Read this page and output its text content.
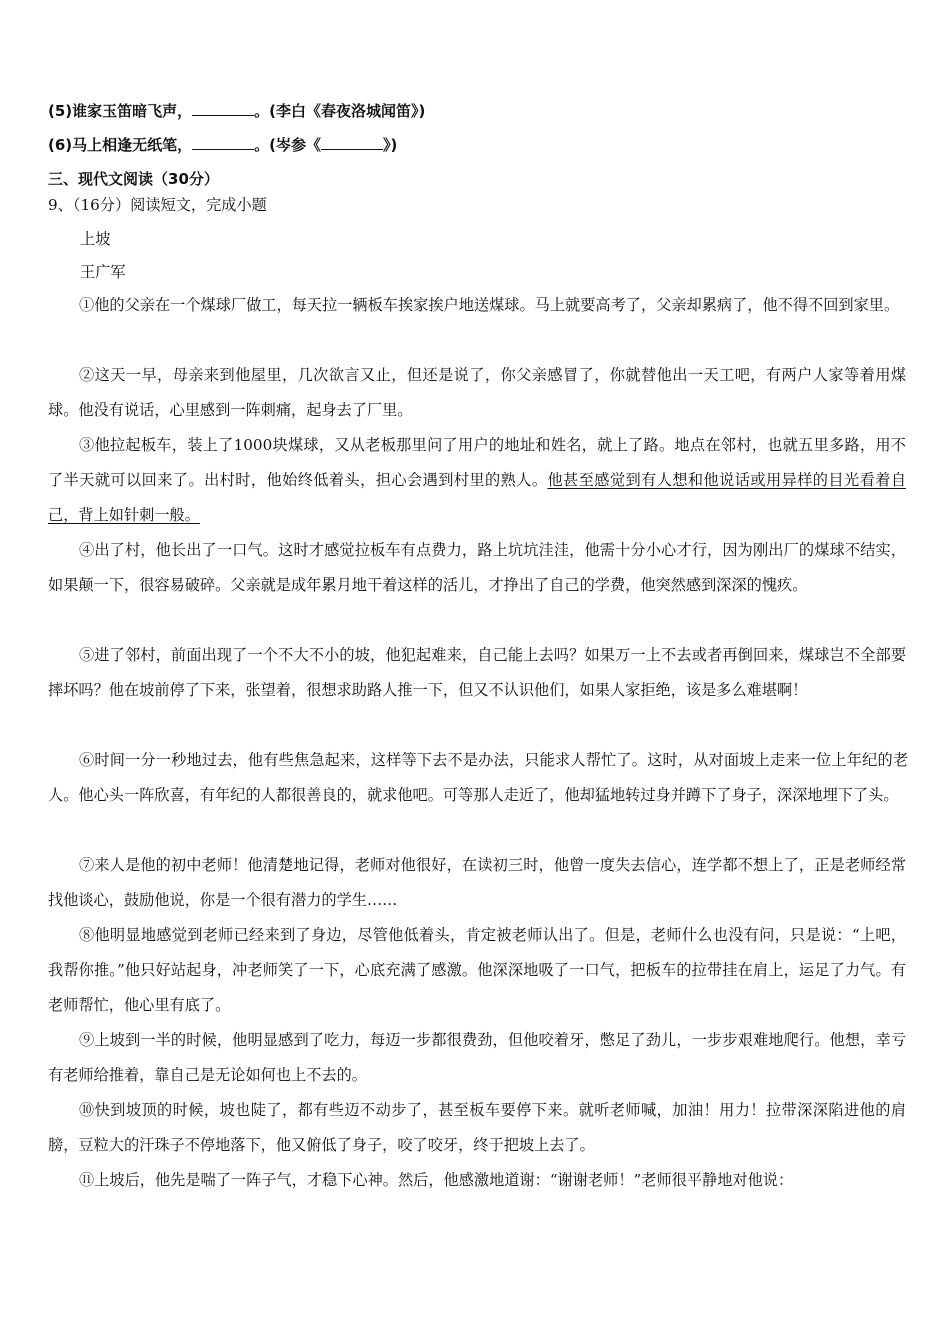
(5)谁家玉笛暗飞声，	。(李白《春夜洛城闻笛》)
(6)马上相逢无纸笔，	。(岑参《	》)
三、现代文阅读（30分）
9、（16分）阅读短文，完成小题
上坡
王广军
①他的父亲在一个煤球厂做工，每天拉一辆板车挨家挨户地送煤球。马上就要高考了，父亲却累病了，他不得不回到家里。
②这天一早，母亲来到他屋里，几次欲言又止，但还是说了，你父亲感冒了，你就替他出一天工吧，有两户人家等着用煤球。他没有说话，心里感到一阵刺痛，起身去了厂里。
③他拉起板车，装上了1000块煤球，又从老板那里问了用户的地址和姓名，就上了路。地点在邻村，也就五里多路，用不了半天就可以回来了。出村时，他始终低着头，担心会遇到村里的熟人。他甚至感觉到有人想和他说话或用异样的目光看着自己，背上如针刺一般。
④出了村，他长出了一口气。这时才感觉拉板车有点费力，路上坑坑洼洼，他需十分小心才行，因为刚出厂的煤球不结实，如果颠一下，很容易破碎。父亲就是成年累月地干着这样的活儿，才挣出了自己的学费，他突然感到深深的愧疚。
⑤进了邻村，前面出现了一个不大不小的坡，他犯起难来，自己能上去吗？如果万一上不去或者再倒回来，煤球岂不全部要摔坏吗？他在坡前停了下来，张望着，很想求助路人推一下，但又不认识他们，如果人家拒绝，该是多么难堪啊！
⑥时间一分一秒地过去，他有些焦急起来，这样等下去不是办法，只能求人帮忙了。这时，从对面坡上走来一位上年纪的老人。他心头一阵欣喜，有年纪的人都很善良的，就求他吧。可等那人走近了，他却猛地转过身并蹲下了身子，深深地埋下了头。
⑦来人是他的初中老师！他清楚地记得，老师对他很好，在读初三时，他曾一度失去信心，连学都不想上了，正是老师经常找他谈心，鼓励他说，你是一个很有潜力的学生……
⑧他明显地感觉到老师已经来到了身边，尽管他低着头，肯定被老师认出了。但是，老师什么也没有问，只是说：“上吧，我帮你推。”他只好站起身，冲老师笑了一下，心底充满了感激。他深深地吸了一口气，把板车的拉带挂在肩上，运足了力气。有老师帮忙，他心里有底了。
⑨上坡到一半的时候，他明显感到了吃力，每迈一步都很费劲，但他咬着牙，憋足了劲儿，一步步艰难地爬行。他想，幸亏有老师给推着，靠自己是无论如何也上不去的。
⑩快到坡顶的时候，坡也陡了，都有些迈不动步了，甚至板车要停下来。就听老师喊，加油！用力！拉带深深陷进他的肩膀，豆粒大的汗珠子不停地落下，他又俯低了身子，咬了咬牙，终于把坡上去了。
⑪上坡后，他先是喘了一阵子气，才稳下心神。然后，他感激地道谢：“谢谢老师！”老师很平静地对他说：
